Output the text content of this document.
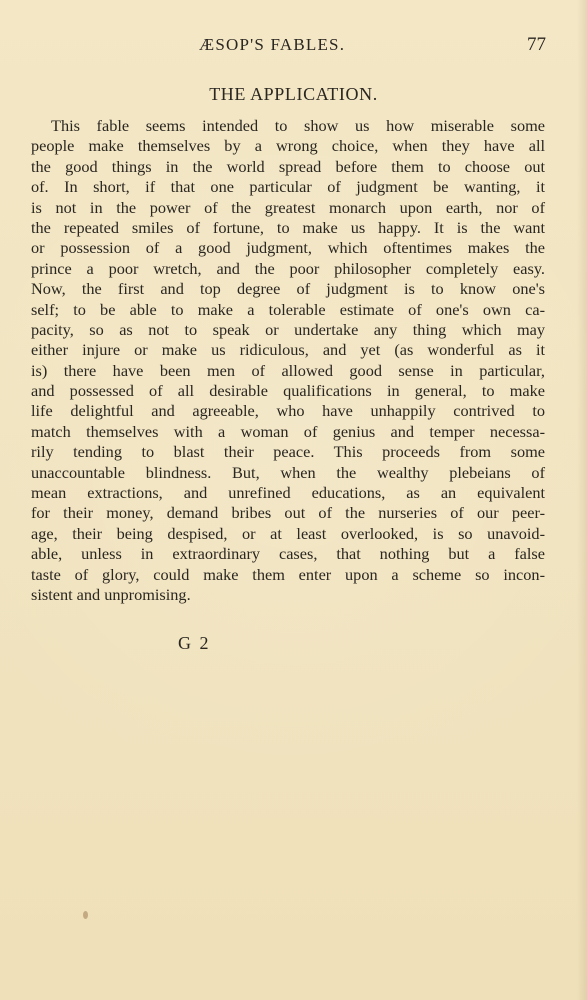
ÆSOP'S FABLES.	77
THE APPLICATION.
This fable seems intended to show us how miserable some
people make themselves by a wrong choice, when they have all
the good things in the world spread before them to choose out
of. In short, if that one particular of judgment be wanting, it
is not in the power of the greatest monarch upon earth, nor of
the repeated smiles of fortune, to make us happy. It is the want
or possession of a good judgment, which oftentimes makes the
prince a poor wretch, and the poor philosopher completely easy.
Now, the first and top degree of judgment is to know one's
self; to be able to make a tolerable estimate of one's own ca-
pacity, so as not to speak or undertake any thing which may
either injure or make us ridiculous, and yet (as wonderful as it
is) there have been men of allowed good sense in particular,
and possessed of all desirable qualifications in general, to make
life delightful and agreeable, who have unhappily contrived to
match themselves with a woman of genius and temper necessa-
rily tending to blast their peace. This proceeds from some
unaccountable blindness. But, when the wealthy plebeians of
mean extractions, and unrefined educations, as an equivalent
for their money, demand bribes out of the nurseries of our peer-
age, their being despised, or at least overlooked, is so unavoid-
able, unless in extraordinary cases, that nothing but a false
taste of glory, could make them enter upon a scheme so incon-
sistent and unpromising.
G 2
